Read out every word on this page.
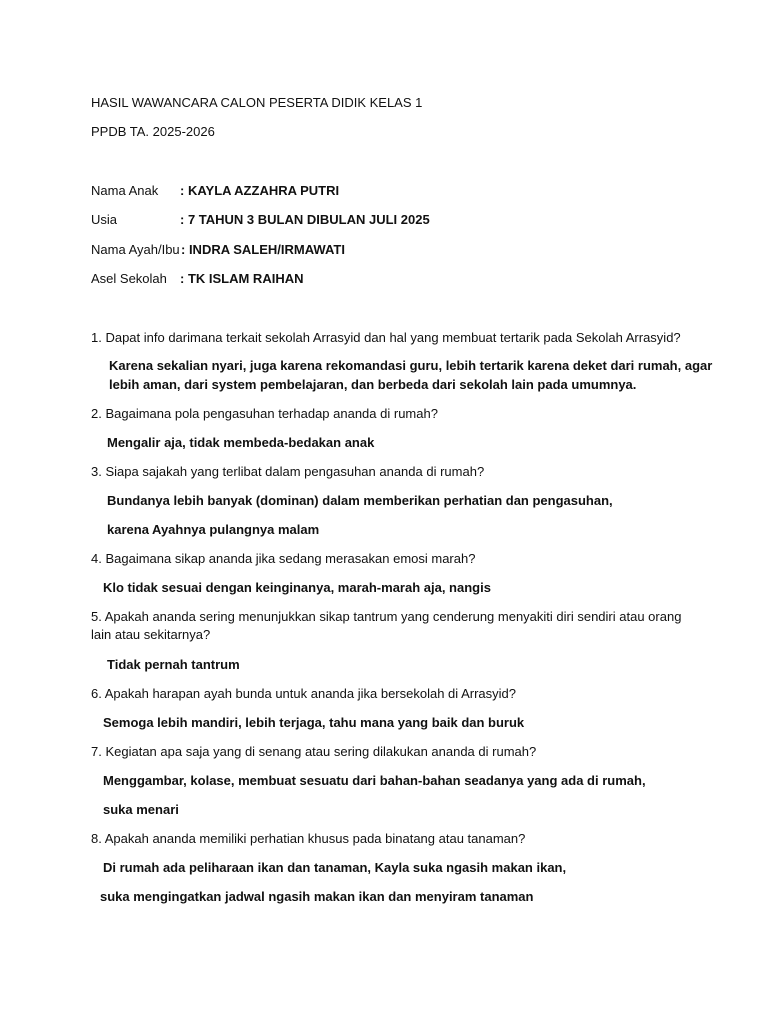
HASIL WAWANCARA CALON PESERTA DIDIK KELAS 1
PPDB TA. 2025-2026
Nama Anak : KAYLA AZZAHRA PUTRI
Usia	: 7 TAHUN 3 BULAN DIBULAN JULI 2025
Nama Ayah/Ibu : INDRA SALEH/IRMAWATI
Asel Sekolah : TK ISLAM RAIHAN
1. Dapat info darimana terkait sekolah Arrasyid dan hal yang membuat tertarik pada Sekolah Arrasyid?
Karena sekalian nyari, juga karena rekomandasi guru, lebih tertarik karena deket dari rumah, agar
lebih aman, dari system pembelajaran, dan berbeda dari sekolah lain pada umumnya.
2. Bagaimana pola pengasuhan terhadap ananda di rumah?
Mengalir aja, tidak membeda-bedakan anak
3. Siapa sajakah yang terlibat dalam pengasuhan ananda di rumah?
Bundanya lebih banyak (dominan) dalam memberikan perhatian dan pengasuhan,
karena Ayahnya pulangnya malam
4. Bagaimana sikap ananda jika sedang merasakan emosi marah?
Klo tidak sesuai dengan keinginanya, marah-marah aja, nangis
5. Apakah ananda sering menunjukkan sikap tantrum yang cenderung menyakiti diri sendiri atau orang
lain atau sekitarnya?
Tidak pernah tantrum
6. Apakah harapan ayah bunda untuk ananda jika bersekolah di Arrasyid?
Semoga lebih mandiri, lebih terjaga, tahu mana yang baik dan buruk
7. Kegiatan apa saja yang di senang atau sering dilakukan ananda di rumah?
Menggambar, kolase, membuat sesuatu dari bahan-bahan seadanya yang ada di rumah,
suka menari
8. Apakah ananda memiliki perhatian khusus pada binatang atau tanaman?
Di rumah ada peliharaan ikan dan tanaman, Kayla suka ngasih makan ikan,
suka mengingatkan jadwal ngasih makan ikan dan menyiram tanaman
